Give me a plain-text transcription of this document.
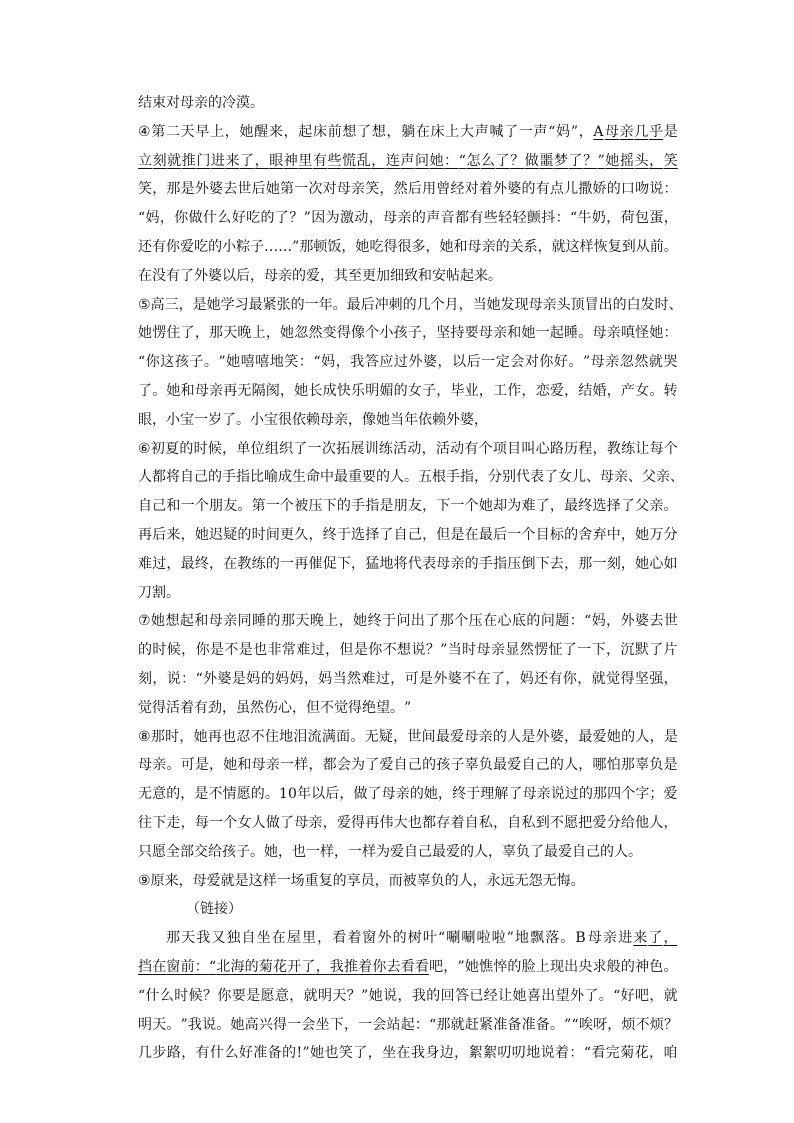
结 束 对 母 亲 的 冷 漠 。
④ 第 二 天 早 上 ， 她 醒 来 ， 起 床 前 想 了 想 ， 躺 在 床 上 大 声 喊 了 一 声 “ 妈 ” ， A 母 亲 几 乎 是
立 刻 就 推 门 进 来 了 ， 眼 神 里 有 些 慌 乱 ， 连 声 问 她 ： “ 怎 么 了 ？ 做 噩 梦 了 ？ ” 她 摇 头 ， 笑
笑 ， 那 是 外 婆 去 世 后 她 第 一 次 对 母 亲 笑 ， 然 后 用 曾 经 对 着 外 婆 的 有 点 儿 撒 娇 的 口 吻 说 ：
“ 妈 ， 你 做 什 么 好 吃 的 了 ？ ” 因 为 激 动 ， 母 亲 的 声 音 都 有 些 轻 轻 颤 抖 ： “ 牛 奶 ， 荷 包 蛋 ，
还 有 你 爱 吃 的 小 粽 子 … … ” 那 顿 饭 ， 她 吃 得 很 多 ， 她 和 母 亲 的 关 系 ， 就 这 样 恢 复 到 从 前 。
在 没 有 了 外 婆 以 后 ， 母 亲 的 爱 ， 其 至 更 加 细 致 和 安 帖 起 来 。
⑤ 高 三 ， 是 她 学 习 最 紧 张 的 一 年 。 最 后 冲 刺 的 几 个 月 ， 当 她 发 现 母 亲 头 顶 冒 出 的 白 发 时 、
她 愣 住 了 ， 那 天 晚 上 ， 她 忽 然 变 得 像 个 小 孩 子 ， 坚 持 要 母 亲 和 她 一 起 睡 。 母 亲 嗔 怪 她 ：
“ 你 这 孩 子 。 ” 她 嘻 嘻 地 笑 ： “ 妈 ， 我 答 应 过 外 婆 ， 以 后 一 定 会 对 你 好 。 ” 母 亲 忽 然 就 哭
了 。 她 和 母 亲 再 无 隔 阂 ， 她 长 成 快 乐 明 媚 的 女 子 ， 毕 业 ， 工 作 ， 恋 爱 ， 结 婚 ， 产 女 。 转
眼 ， 小 宝 一 岁 了 。 小 宝 很 依 赖 母 亲 ， 像 她 当 年 依 赖 外 婆 ，
⑥ 初 夏 的 时 候 ， 单 位 组 织 了 一 次 拓 展 训 练 活 动 ， 活 动 有 个 项 目 叫 心 路 历 程 ， 教 练 让 每 个
人 都 将 自 己 的 手 指 比 喻 成 生 命 中 最 重 要 的 人 。 五 根 手 指 ， 分 别 代 表 了 女 儿 、 母 亲 、 父 亲 、
自 己 和 一 个 朋 友 。 第 一 个 被 压 下 的 手 指 是 朋 友 ， 下 一 个 她 却 为 难 了 ， 最 终 选 择 了 父 亲 。
再 后 来 ， 她 迟 疑 的 时 间 更 久 ， 终 于 选 择 了 自 己 ， 但 是 在 最 后 一 个 目 标 的 舍 弃 中 ， 她 万 分
难 过 ， 最 终 ， 在 教 练 的 一 再 催 促 下 ， 猛 地 将 代 表 母 亲 的 手 指 压 倒 下 去 ， 那 一 刻 ， 她 心 如
刀 割 。
⑦ 她 想 起 和 母 亲 同 睡 的 那 天 晚 上 ， 她 终 于 问 出 了 那 个 压 在 心 底 的 问 题 ： “ 妈 ， 外 婆 去 世
的 时 候 ， 你 是 不 是 也 非 常 难 过 ， 但 是 你 不 想 说 ？ ” 当 时 母 亲 显 然 愣 怔 了 一 下 ， 沉 默 了 片
刻 ， 说 ： “ 外 婆 是 妈 的 妈 妈 ， 妈 当 然 难 过 ， 可 是 外 婆 不 在 了 ， 妈 还 有 你 ， 就 觉 得 坚 强 ，
觉 得 活 着 有 劲 ， 虽 然 伤 心 ， 但 不 觉 得 绝 望 。 ”
⑧ 那 时 ， 她 再 也 忍 不 住 地 泪 流 满 面 。 无 疑 ， 世 间 最 爱 母 亲 的 人 是 外 婆 ， 最 爱 她 的 人 ， 是
母 亲 。 可 是 ， 她 和 母 亲 一 样 ， 都 会 为 了 爱 自 己 的 孩 子 辜 负 最 爱 自 己 的 人 ， 哪 怕 那 辜 负 是
无 意 的 ， 是 不 情 愿 的 。 1 0 年 以 后 ， 做 了 母 亲 的 她 ， 终 于 理 解 了 母 亲 说 过 的 那 四 个 字 ； 爱
往 下 走 ， 每 一 个 女 人 做 了 母 亲 ， 爱 得 再 伟 大 也 都 存 着 自 私 ， 自 私 到 不 愿 把 爱 分 给 他 人 ，
只 愿 全 部 交 给 孩 子 。 她 ， 也 一 样 ， 一 样 为 爱 自 己 最 爱 的 人 ， 辜 负 了 最 爱 自 己 的 人 。
⑨ 原 来 ， 母 爱 就 是 这 样 一 场 重 复 的 享 员 ， 而 被 辜 负 的 人 ， 永 远 无 怨 无 悔 。
（ 链 接 ）
那 天 我 又 独 自 坐 在 屋 里 ， 看 着 窗 外 的 树 叶 “ 唰 唰 啦 啦 ” 地 飘 落 。 B 母 亲 进 来 了 ，
挡 在 窗 前 ： “ 北 海 的 菊 花 开 了 ， 我 推 着 你 去 看 看 吧 ， ” 她 憔 悴 的 脸 上 现 出 央 求 般 的 神 色 。
“ 什 么 时 候 ？ 你 要 是 愿 意 ， 就 明 天 ？ ” 她 说 ， 我 的 回 答 已 经 让 她 喜 出 望 外 了 。 “ 好 吧 ， 就
明 天 。 ” 我 说 。 她 高 兴 得 一 会 坐 下 ， 一 会 站 起 ： “ 那 就 赶 紧 准 备 准 备 。 ” “ 唉 呀 ， 烦 不 烦 ？
几 步 路 ， 有 什 么 好 准 备 的 ! ” 她 也 笑 了 ， 坐 在 我 身 边 ， 絮 絮 叨 叨 地 说 着 ： “ 看 完 菊 花 ， 咱
